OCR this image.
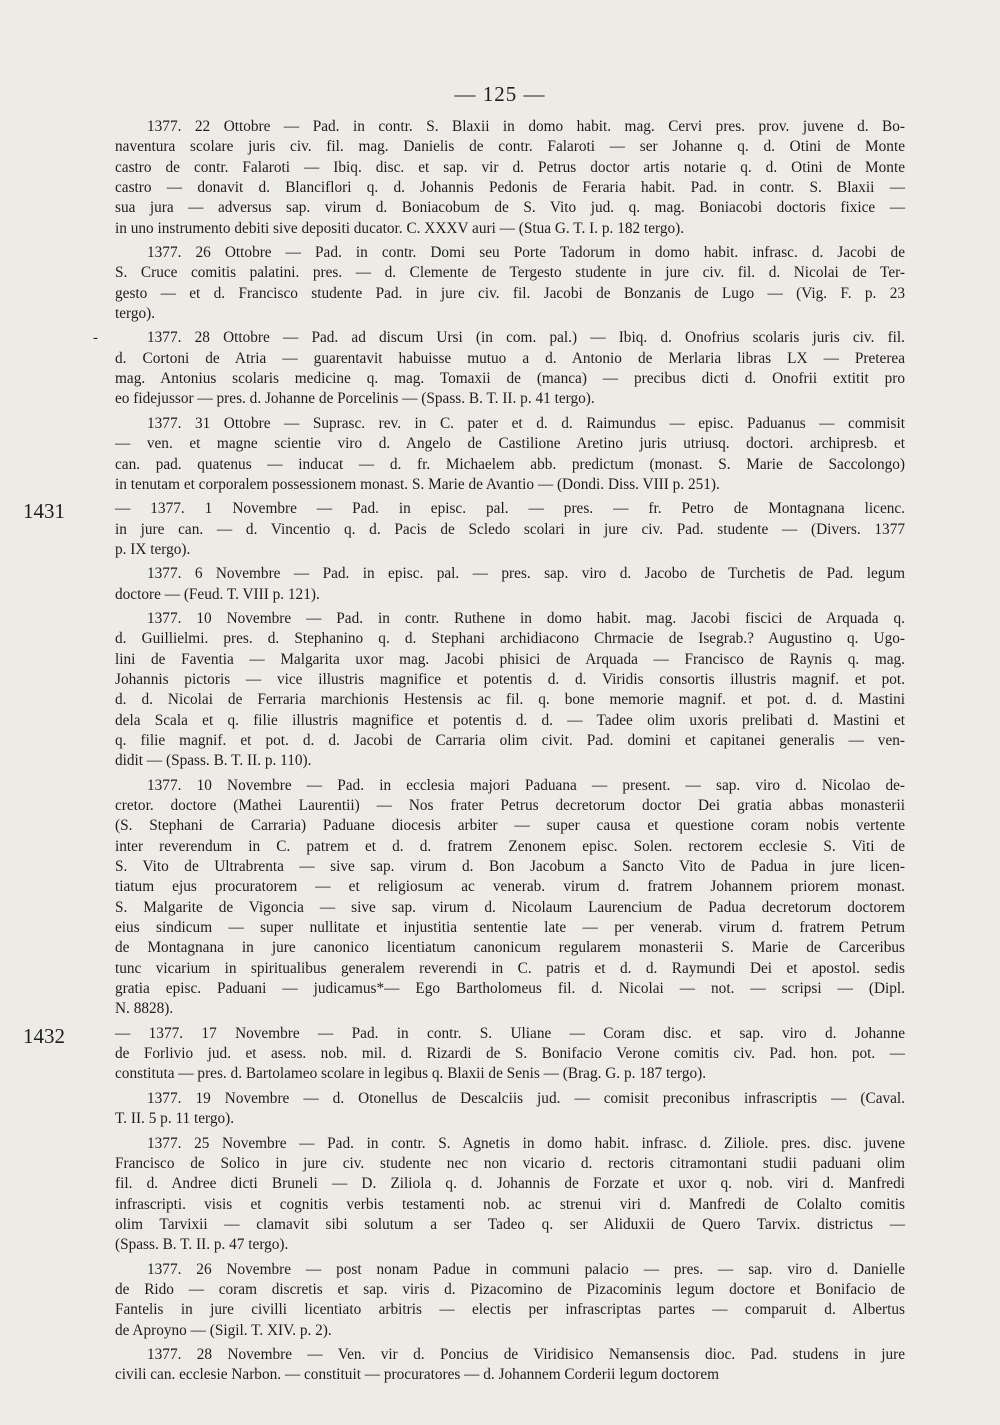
— 125 —
1377. 22 Ottobre — Pad. in contr. S. Blaxii in domo habit. mag. Cervi pres. prov. juvene d. Bo-
naventura scolare juris civ. fil. mag. Danielis de contr. Falaroti — ser Johanne q. d. Otini de Monte
castro de contr. Falaroti — Ibiq. disc. et sap. vir d. Petrus doctor artis notarie q. d. Otini de Monte
castro — donavit d. Blanciflori q. d. Johannis Pedonis de Feraria habit. Pad. in contr. S. Blaxii —
sua jura — adversus sap. virum d. Boniacobum de S. Vito jud. q. mag. Boniacobi doctoris fixice —
in uno instrumento debiti sive depositi ducator. C. XXXV auri — (Stua G. T. I. p. 182 tergo).
1377. 26 Ottobre — Pad. in contr. Domi seu Porte Tadorum in domo habit. infrasc. d. Jacobi de
S. Cruce comitis palatini. pres. — d. Clemente de Tergesto studente in jure civ. fil. d. Nicolai de Ter-
gesto — et d. Francisco studente Pad. in jure civ. fil. Jacobi de Bonzanis de Lugo — (Vig. F. p. 23
tergo).
-	1377. 28 Ottobre — Pad. ad discum Ursi (in com. pal.) — Ibiq. d. Onofrius scolaris juris civ. fil.
d. Cortoni de Atria — guarentavit habuisse mutuo a d. Antonio de Merlaria libras LX — Preterea
mag. Antonius scolaris medicine q. mag. Tomaxii de (manca) — precibus dicti d. Onofrii extitit pro
eo fidejussor — pres. d. Johanne de Porcelinis — (Spass. B. T. II. p. 41 tergo).
1377. 31 Ottobre — Suprasc. rev. in C. pater et d. d. Raimundus — episc. Paduanus — commisit
— ven. et magne scientie viro d. Angelo de Castilione Aretino juris utriusq. doctori. archipresb. et
can. pad. quatenus — inducat — d. fr. Michaelem abb. predictum (monast. S. Marie de Saccolongo)
in tenutam et corporalem possessionem monast. S. Marie de Avantio — (Dondi. Diss. VIII p. 251).
1431	— 1377. 1 Novembre — Pad. in episc. pal. — pres. — fr. Petro de Montagnana licenc.
in jure can. — d. Vincentio q. d. Pacis de Scledo scolari in jure civ. Pad. studente — (Divers. 1377
p. IX tergo).
1377. 6 Novembre — Pad. in episc. pal. — pres. sap. viro d. Jacobo de Turchetis de Pad. legum
doctore — (Feud. T. VIII p. 121).
1377. 10 Novembre — Pad. in contr. Ruthene in domo habit. mag. Jacobi fiscici de Arquada q.
d. Guillielmi. pres. d. Stephanino q. d. Stephani archidiacono Chrmacie de Isegrab.? Augustino q. Ugo-
lini de Faventia — Malgarita uxor mag. Jacobi phisici de Arquada — Francisco de Raynis q. mag.
Johannis pictoris — vice illustris magnifice et potentis d. d. Viridis consortis illustris magnif. et pot.
d. d. Nicolai de Ferraria marchionis Hestensis ac fil. q. bone memorie magnif. et pot. d. d. Mastini
dela Scala et q. filie illustris magnifice et potentis d. d. — Tadee olim uxoris prelibati d. Mastini et
q. filie magnif. et pot. d. d. Jacobi de Carraria olim civit. Pad. domini et capitanei generalis — ven-
didit — (Spass. B. T. II. p. 110).
1377. 10 Novembre — Pad. in ecclesia majori Paduana — present. — sap. viro d. Nicolao de-
cretor. doctore (Mathei Laurentii) — Nos frater Petrus decretorum doctor Dei gratia abbas monasterii
(S. Stephani de Carraria) Paduane diocesis arbiter — super causa et questione coram nobis vertente
inter reverendum in C. patrem et d. d. fratrem Zenonem episc. Solen. rectorem ecclesie S. Viti de
S. Vito de Ultrabrenta — sive sap. virum d. Bon Jacobum a Sancto Vito de Padua in jure licen-
tiatum ejus procuratorem — et religiosum ac venerab. virum d. fratrem Johannem priorem monast.
S. Malgarite de Vigoncia — sive sap. virum d. Nicolaum Laurencium de Padua decretorum doctorem
eius sindicum — super nullitate et injustitia sententie late — per venerab. virum d. fratrem Petrum
de Montagnana in jure canonico licentiatum canonicum regularem monasterii S. Marie de Carceribus
tunc vicarium in spiritualibus generalem reverendi in C. patris et d. d. Raymundi Dei et apostol. sedis
gratia episc. Paduani — judicamus*— Ego Bartholomeus fil. d. Nicolai — not. — scripsi — (Dipl.
N. 8828).
1432	— 1377. 17 Novembre — Pad. in contr. S. Uliane — Coram disc. et sap. viro d. Johanne
de Forlivio jud. et asess. nob. mil. d. Rizardi de S. Bonifacio Verone comitis civ. Pad. hon. pot. —
constituta — pres. d. Bartolameo scolare in legibus q. Blaxii de Senis — (Brag. G. p. 187 tergo).
1377. 19 Novembre — d. Otonellus de Descalciis jud. — comisit preconibus infrascriptis — (Caval.
T. II. 5 p. 11 tergo).
1377. 25 Novembre — Pad. in contr. S. Agnetis in domo habit. infrasc. d. Ziliole. pres. disc. juvene
Francisco de Solico in jure civ. studente nec non vicario d. rectoris citramontani studii paduani olim
fil. d. Andree dicti Bruneli — D. Ziliola q. d. Johannis de Forzate et uxor q. nob. viri d. Manfredi
infrascripti. visis et cognitis verbis testamenti nob. ac strenui viri d. Manfredi de Colalto comitis
olim Tarvixii — clamavit sibi solutum a ser Tadeo q. ser Aliduxii de Quero Tarvix. districtus —
(Spass. B. T. II. p. 47 tergo).
1377. 26 Novembre — post nonam Padue in communi palacio — pres. — sap. viro d. Danielle
de Rido — coram discretis et sap. viris d. Pizacomino de Pizacominis legum doctore et Bonifacio de
Fantelis in jure civilli licentiato arbitris — electis per infrascriptas partes — comparuit d. Albertus
de Aproyno — (Sigil. T. XIV. p. 2).
1377. 28 Novembre — Ven. vir d. Poncius de Viridisico Nemansensis dioc. Pad. studens in jure
civili can. ecclesie Narbon. — constituit — procuratores — d. Johannem Corderii legum doctorem
